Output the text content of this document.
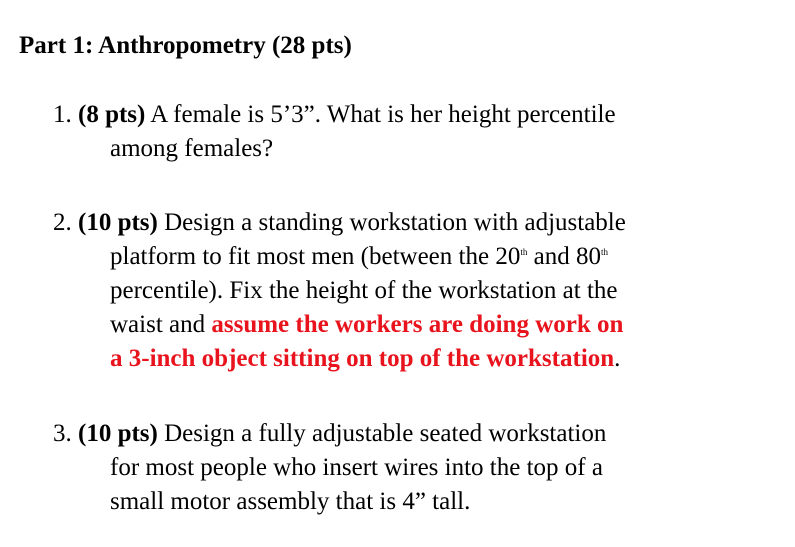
Part 1: Anthropometry (28 pts)
1. (8 pts) A female is 5’3”. What is her height percentile
among females?
2. (10 pts) Design a standing workstation with adjustable
platform to fit most men (between the 20th and 80th
percentile). Fix the height of the workstation at the
waist and assume the workers are doing work on
a 3-inch object sitting on top of the workstation.
3. (10 pts) Design a fully adjustable seated workstation
for most people who insert wires into the top of a
small motor assembly that is 4” tall.
